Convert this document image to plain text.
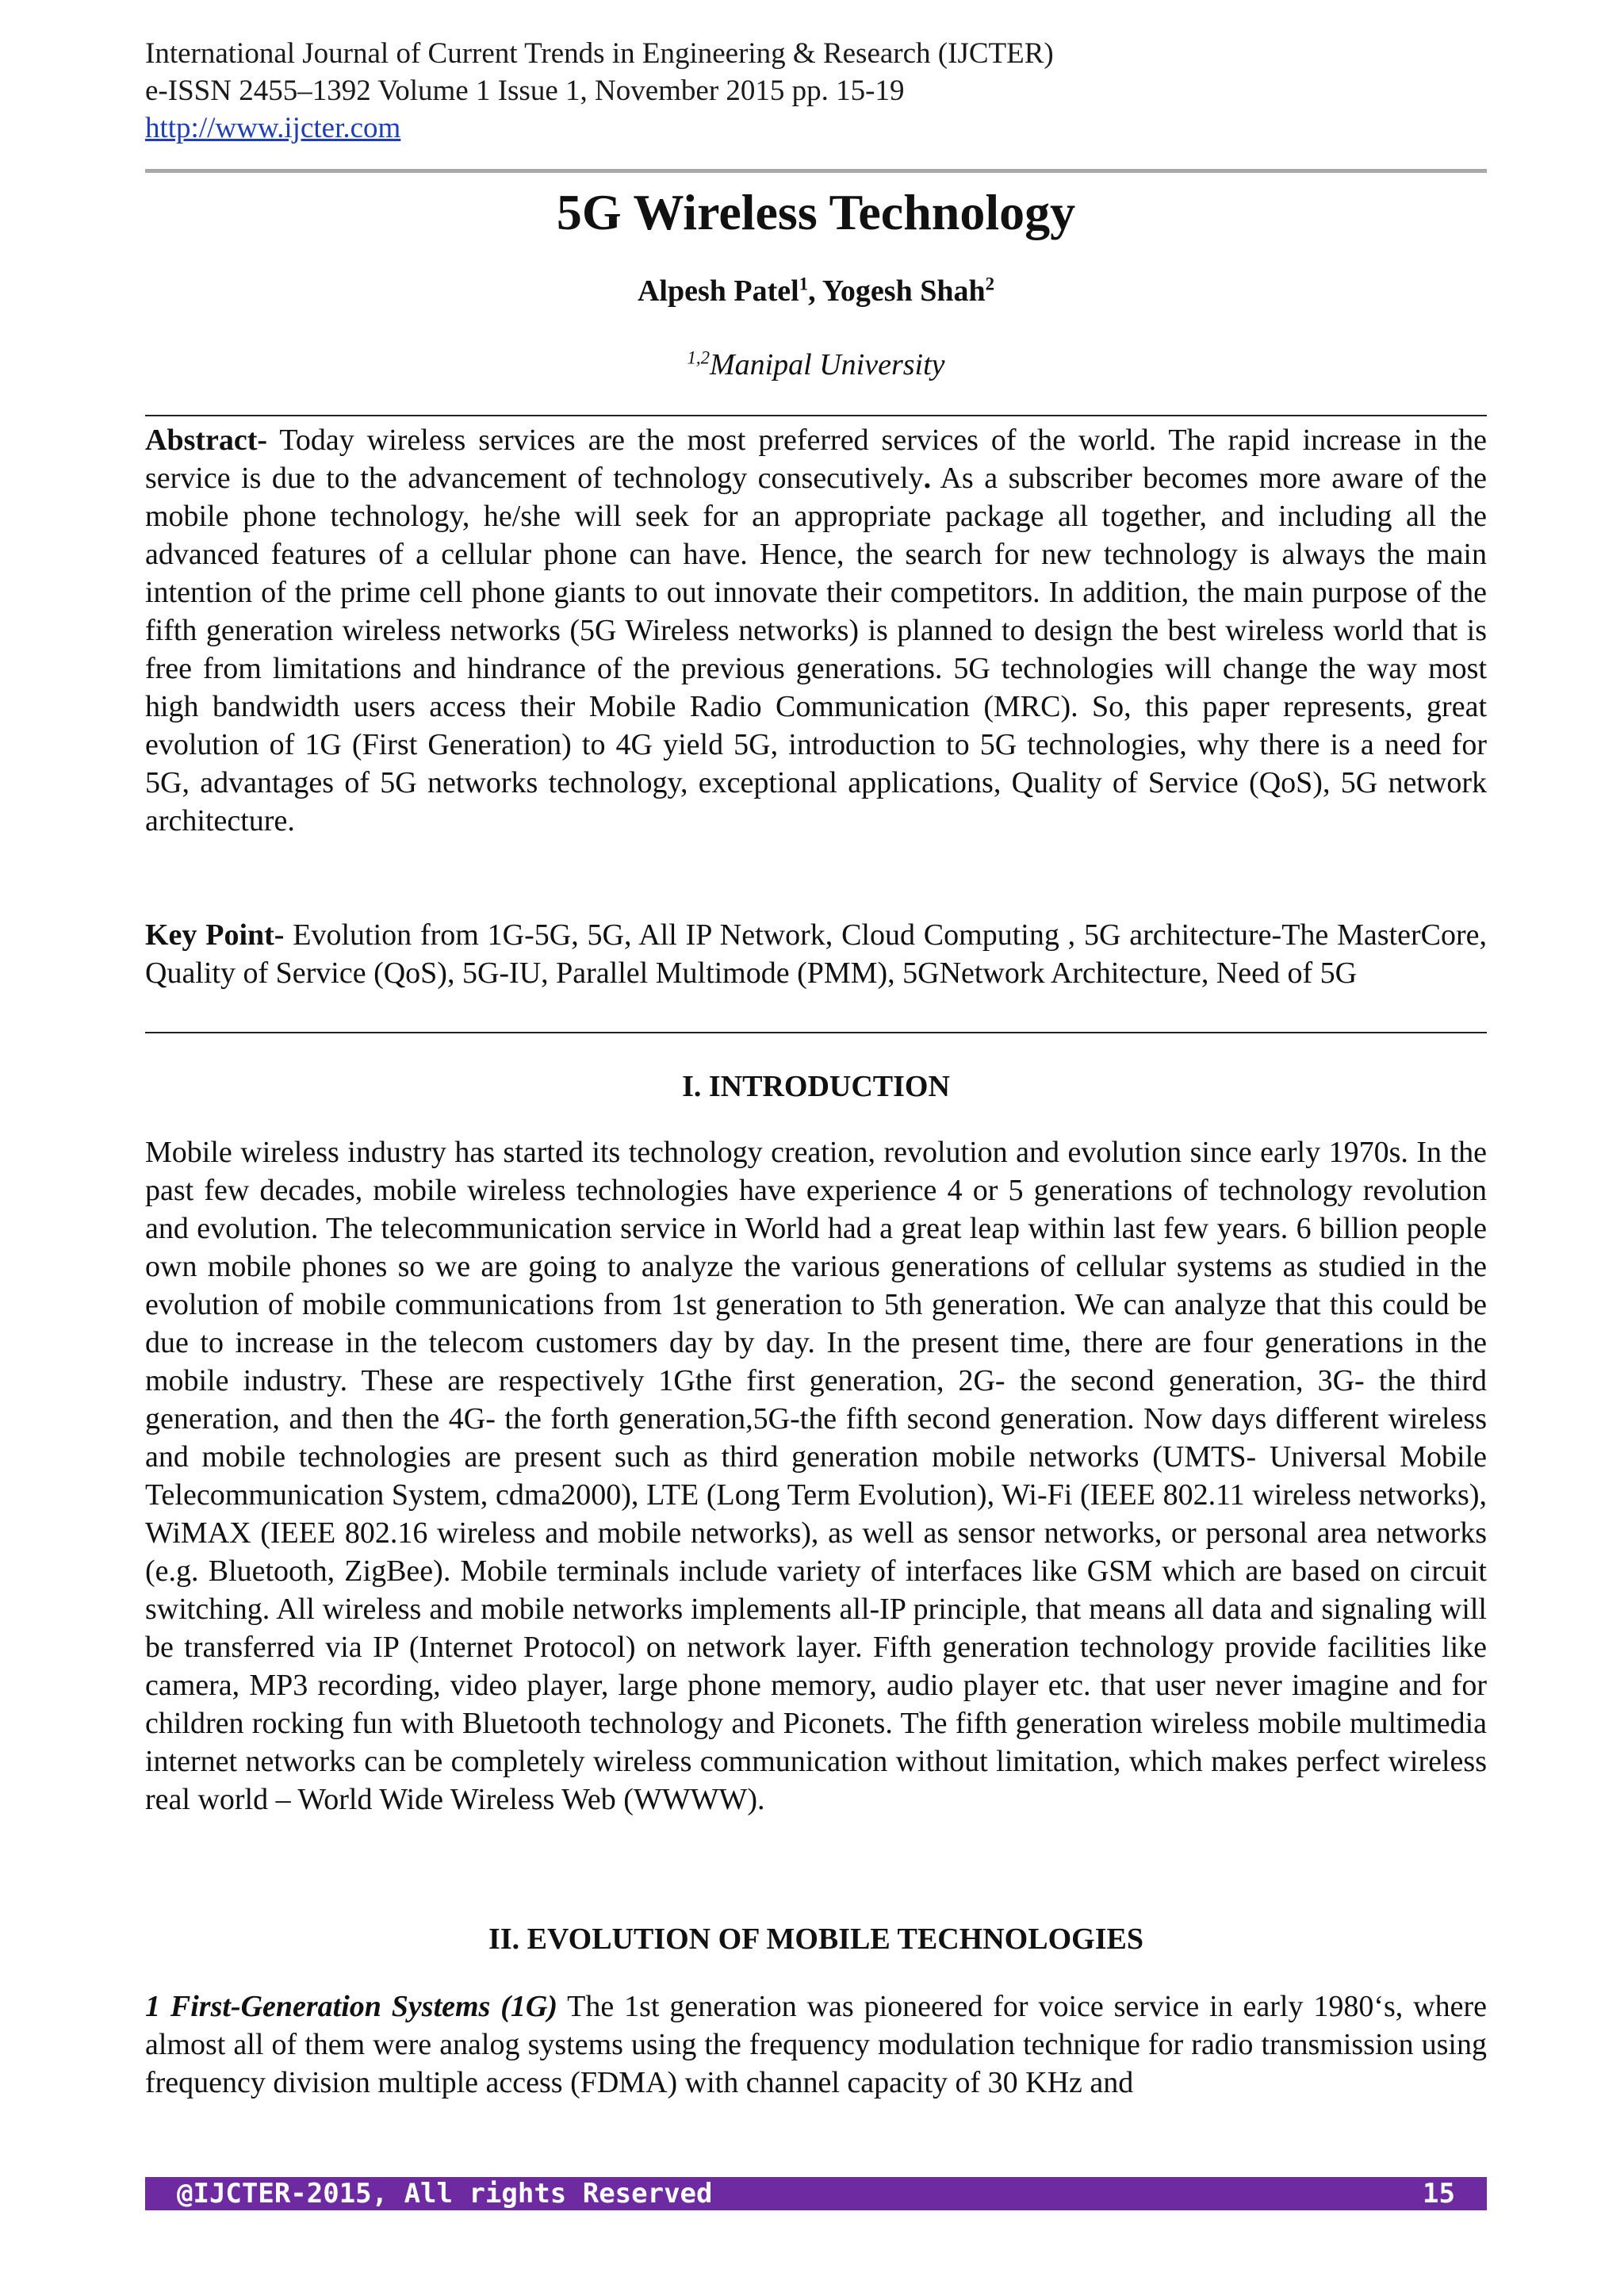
International Journal of Current Trends in Engineering & Research (IJCTER)
e-ISSN 2455–1392 Volume 1 Issue 1, November 2015 pp. 15-19
http://www.ijcter.com
5G Wireless Technology
Alpesh Patel$^1$, Yogesh Shah$^2$
$^{1,2}$Manipal University

Abstract- Today wireless services are the most preferred services of the world. The rapid increase in the service is due to the advancement of technology consecutively. As a subscriber becomes more aware of the mobile phone technology, he/she will seek for an appropriate package all together, and including all the advanced features of a cellular phone can have. Hence, the search for new technology is always the main intention of the prime cell phone giants to out innovate their competitors. In addition, the main purpose of the fifth generation wireless networks (5G Wireless networks) is planned to design the best wireless world that is free from limitations and hindrance of the previous generations. 5G technologies will change the way most high bandwidth users access their Mobile Radio Communication (MRC). So, this paper represents, great evolution of 1G (First Generation) to 4G yield 5G, introduction to 5G technologies, why there is a need for 5G, advantages of 5G networks technology, exceptional applications, Quality of Service (QoS), 5G network architecture.

Key Point- Evolution from 1G-5G, 5G, All IP Network, Cloud Computing , 5G architecture-The MasterCore, Quality of Service (QoS), 5G-IU, Parallel Multimode (PMM), 5GNetwork Architecture, Need of 5G

I. INTRODUCTION

Mobile wireless industry has started its technology creation, revolution and evolution since early 1970s. In the past few decades, mobile wireless technologies have experience 4 or 5 generations of technology revolution and evolution. The telecommunication service in World had a great leap within last few years. 6 billion people own mobile phones so we are going to analyze the various generations of cellular systems as studied in the evolution of mobile communications from 1st generation to 5th generation. We can analyze that this could be due to increase in the telecom customers day by day. In the present time, there are four generations in the mobile industry. These are respectively 1Gthe first generation, 2G- the second generation, 3G- the third generation, and then the 4G- the forth generation,5G-the fifth second generation. Now days different wireless and mobile technologies are present such as third generation mobile networks (UMTS- Universal Mobile Telecommunication System, cdma2000), LTE (Long Term Evolution), Wi-Fi (IEEE 802.11 wireless networks), WiMAX (IEEE 802.16 wireless and mobile networks), as well as sensor networks, or personal area networks (e.g. Bluetooth, ZigBee). Mobile terminals include variety of interfaces like GSM which are based on circuit switching. All wireless and mobile networks implements all-IP principle, that means all data and signaling will be transferred via IP (Internet Protocol) on network layer. Fifth generation technology provide facilities like camera, MP3 recording, video player, large phone memory, audio player etc. that user never imagine and for children rocking fun with Bluetooth technology and Piconets. The fifth generation wireless mobile multimedia internet networks can be completely wireless communication without limitation, which makes perfect wireless real world – World Wide Wireless Web (WWWW).

II. EVOLUTION OF MOBILE TECHNOLOGIES

1 First-Generation Systems (1G) The 1st generation was pioneered for voice service in early 1980‘s, where almost all of them were analog systems using the frequency modulation technique for radio transmission using frequency division multiple access (FDMA) with channel capacity of 30 KHz and

@IJCTER-2015, All rights Reserved	15
